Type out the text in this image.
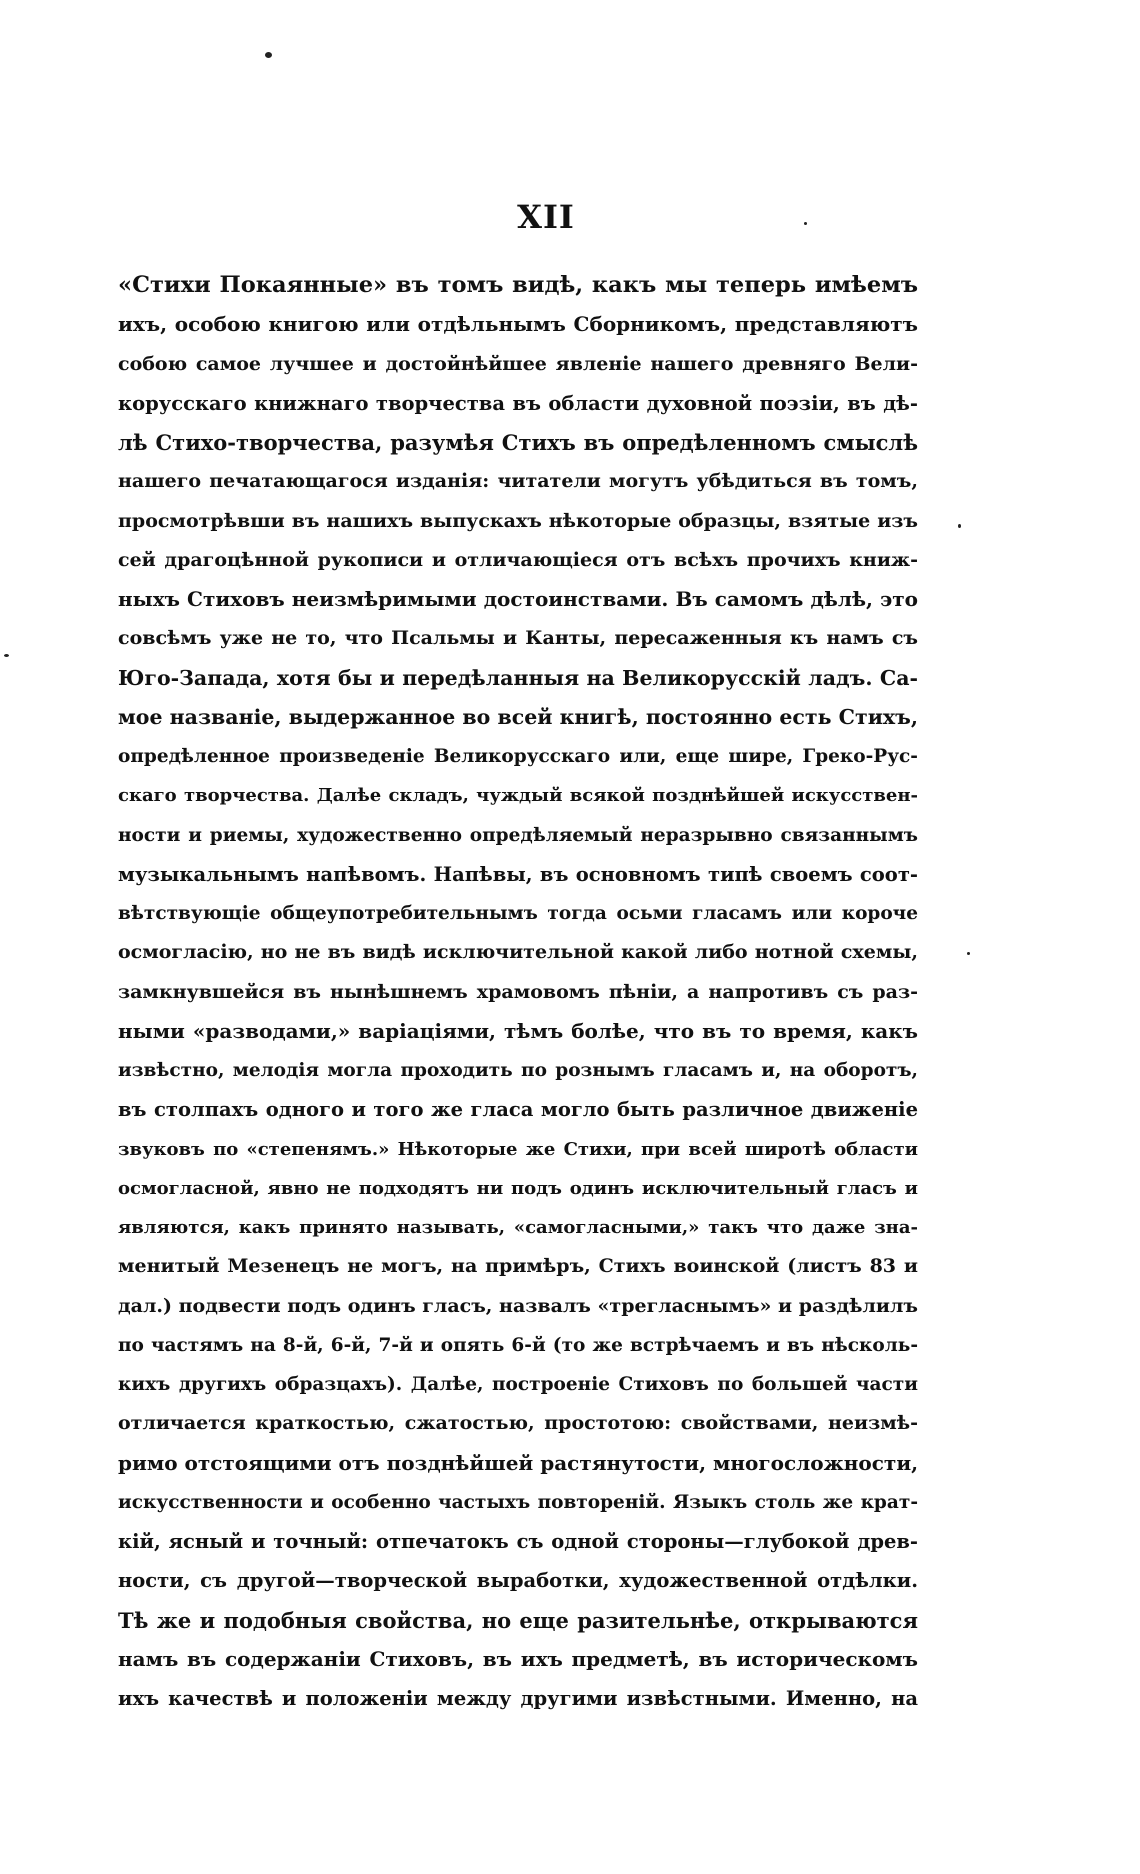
XII
«Стихи Покаянные» въ томъ видѣ, какъ мы теперь имѣемъ
ихъ, особою книгою или отдѣльнымъ Сборникомъ, представляютъ
собою самое лучшее и достойнѣйшее явленіе нашего древняго Вели-
корусскаго книжнаго творчества въ области духовной поэзіи, въ дѣ-
лѣ Стихо-творчества, разумѣя Стихъ въ опредѣленномъ смыслѣ
нашего печатающагося изданія: читатели могутъ убѣдиться въ томъ,
просмотрѣвши въ нашихъ выпускахъ нѣкоторые образцы, взятые изъ
сей драгоцѣнной рукописи и отличающіеся отъ всѣхъ прочихъ книж-
ныхъ Стиховъ неизмѣримыми достоинствами. Въ самомъ дѣлѣ, это
совсѣмъ уже не то, что Псальмы и Канты, пересаженныя къ намъ съ
Юго-Запада, хотя бы и передѣланныя на Великорусскій ладъ. Са-
мое названіе, выдержанное во всей книгѣ, постоянно есть Стихъ,
опредѣленное произведеніе Великорусскаго или, еще шире, Греко-Рус-
скаго творчества. Далѣе складъ, чуждый всякой позднѣйшей искусствен-
ности и риемы, художественно опредѣляемый неразрывно связаннымъ
музыкальнымъ напѣвомъ. Напѣвы, въ основномъ типѣ своемъ соот-
вѣтствующіе общеупотребительнымъ тогда осьми гласамъ или короче
осмогласію, но не въ видѣ исключительной какой либо нотной схемы,
замкнувшейся въ нынѣшнемъ храмовомъ пѣніи, а напротивъ съ раз-
ными «разводами,» варіаціями, тѣмъ болѣе, что въ то время, какъ
извѣстно, мелодія могла проходить по рознымъ гласамъ и, на оборотъ,
въ столпахъ одного и того же гласа могло быть различное движеніе
звуковъ по «степенямъ.» Нѣкоторые же Стихи, при всей широтѣ области
осмогласной, явно не подходятъ ни подъ одинъ исключительный гласъ и
являются, какъ принято называть, «самогласными,» такъ что даже зна-
менитый Мезенецъ не могъ, на примѣръ, Стихъ воинской (листъ 83 и
дал.) подвести подъ одинъ гласъ, назвалъ «трегласнымъ» и раздѣлилъ
по частямъ на 8-й, 6-й, 7-й и опять 6-й (то же встрѣчаемъ и въ нѣсколь-
кихъ другихъ образцахъ). Далѣе, построеніе Стиховъ по большей части
отличается краткостью, сжатостью, простотою: свойствами, неизмѣ-
римо отстоящими отъ позднѣйшей растянутости, многосложности,
искусственности и особенно частыхъ повтореній. Языкъ столь же крат-
кій, ясный и точный: отпечатокъ съ одной стороны—глубокой древ-
ности, съ другой—творческой выработки, художественной отдѣлки.
Тѣ же и подобныя свойства, но еще разительнѣе, открываются
намъ въ содержаніи Стиховъ, въ ихъ предметѣ, въ историческомъ
ихъ качествѣ и положеніи между другими извѣстными. Именно, на
